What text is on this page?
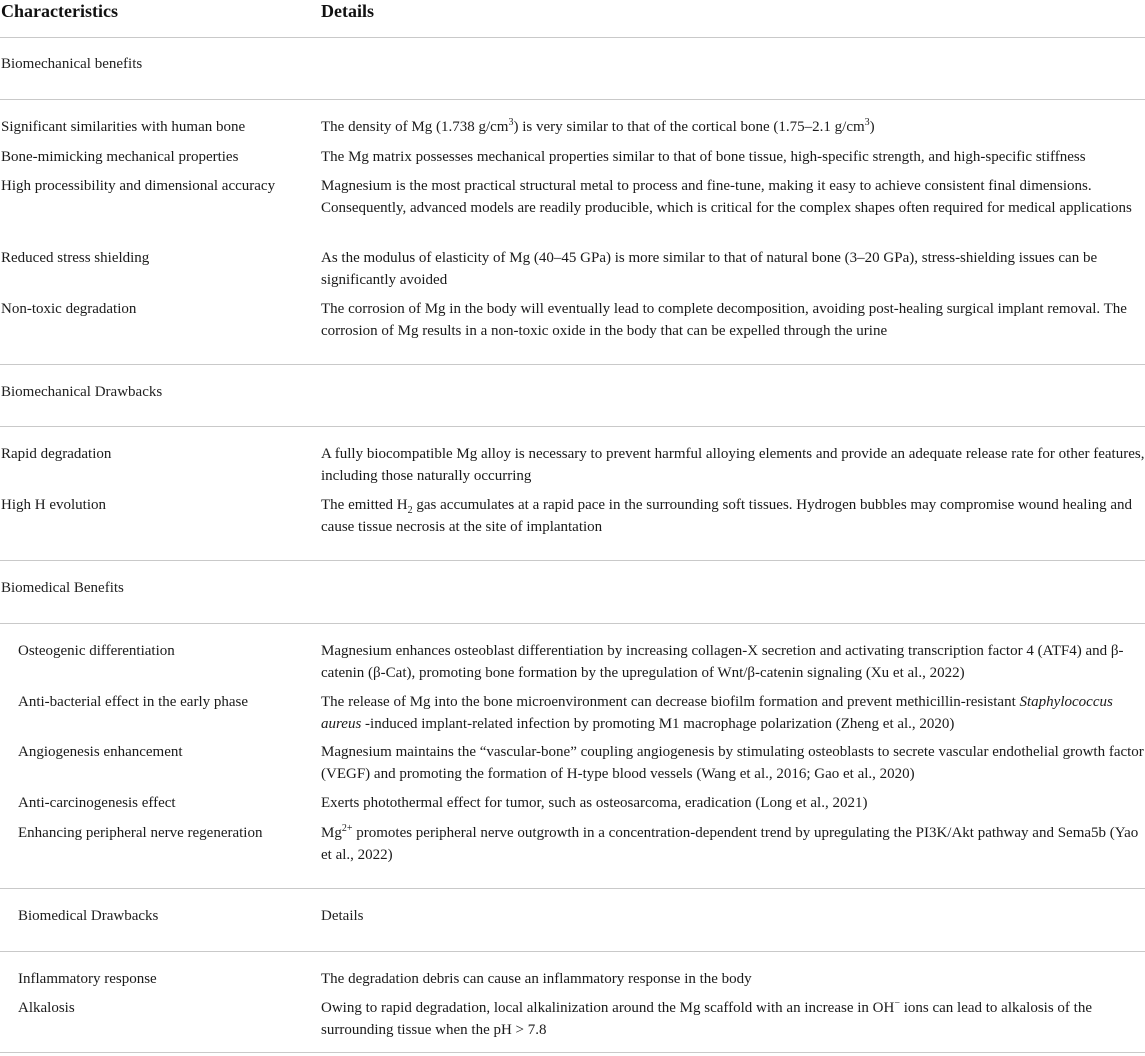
Characteristics	Details
Biomechanical benefits
Significant similarities with human bone	The density of Mg (1.738 $g/cm^3$) is very similar to that of the cortical bone (1.75–2.1 $g/cm^3$)
Bone-mimicking mechanical properties	The Mg matrix possesses mechanical properties similar to that of bone tissue, high-specific strength, and high-specific stiffness
High processibility and dimensional accuracy	Magnesium is the most practical structural metal to process and fine-tune, making it easy to achieve consistent final dimensions. Consequently, advanced models are readily producible, which is critical for the complex shapes often required for medical applications
Reduced stress shielding	As the modulus of elasticity of Mg (40–45 GPa) is more similar to that of natural bone (3–20 GPa), stress-shielding issues can be significantly avoided
Non-toxic degradation	The corrosion of Mg in the body will eventually lead to complete decomposition, avoiding post-healing surgical implant removal. The corrosion of Mg results in a non-toxic oxide in the body that can be expelled through the urine
Biomechanical Drawbacks
Rapid degradation	A fully biocompatible Mg alloy is necessary to prevent harmful alloying elements and provide an adequate release rate for other features, including those naturally occurring
High H evolution	The emitted $H_2$ gas accumulates at a rapid pace in the surrounding soft tissues. Hydrogen bubbles may compromise wound healing and cause tissue necrosis at the site of implantation
Biomedical Benefits
Osteogenic differentiation	Magnesium enhances osteoblast differentiation by increasing collagen-X secretion and activating transcription factor 4 (ATF4) and β-catenin (β-Cat), promoting bone formation by the upregulation of Wnt/β-catenin signaling (Xu et al., 2022)
Anti-bacterial effect in the early phase	The release of Mg into the bone microenvironment can decrease biofilm formation and prevent methicillin-resistant Staphylococcus aureus -induced implant-related infection by promoting M1 macrophage polarization (Zheng et al., 2020)
Angiogenesis enhancement	Magnesium maintains the “vascular-bone” coupling angiogenesis by stimulating osteoblasts to secrete vascular endothelial growth factor (VEGF) and promoting the formation of H-type blood vessels (Wang et al., 2016; Gao et al., 2020)
Anti-carcinogenesis effect	Exerts photothermal effect for tumor, such as osteosarcoma, eradication (Long et al., 2021)
Enhancing peripheral nerve regeneration	$Mg^{2+}$ promotes peripheral nerve outgrowth in a concentration-dependent trend by upregulating the PI3K/Akt pathway and Sema5b (Yao et al., 2022)
Biomedical Drawbacks	Details
Inflammatory response	The degradation debris can cause an inflammatory response in the body
Alkalosis	Owing to rapid degradation, local alkalinization around the Mg scaffold with an increase in OH− ions can lead to alkalosis of the surrounding tissue when the pH > 7.8
